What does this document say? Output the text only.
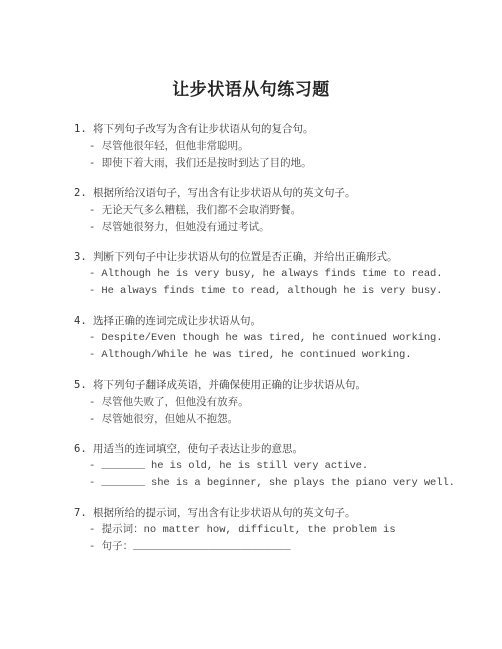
让步状语从句练习题
1. 将下列句子改写为含有让步状语从句的复合句。
- 尽管他很年轻，但他非常聪明。
- 即使下着大雨，我们还是按时到达了目的地。
2. 根据所给汉语句子，写出含有让步状语从句的英文句子。
- 无论天气多么糟糕，我们都不会取消野餐。
- 尽管她很努力，但她没有通过考试。
3. 判断下列句子中让步状语从句的位置是否正确，并给出正确形式。
- Although he is very busy, he always finds time to read.
- He always finds time to read, although he is very busy.
4. 选择正确的连词完成让步状语从句。
- Despite/Even though he was tired, he continued working.
- Although/While he was tired, he continued working.
5. 将下列句子翻译成英语，并确保使用正确的让步状语从句。
- 尽管他失败了，但他没有放弃。
- 尽管她很穷，但她从不抱怨。
6. 用适当的连词填空，使句子表达让步的意思。
- _______ he is old, he is still very active.
- _______ she is a beginner, she plays the piano very well.
7. 根据所给的提示词，写出含有让步状语从句的英文句子。
- 提示词：no matter how, difficult, the problem is
- 句子：_________________________
